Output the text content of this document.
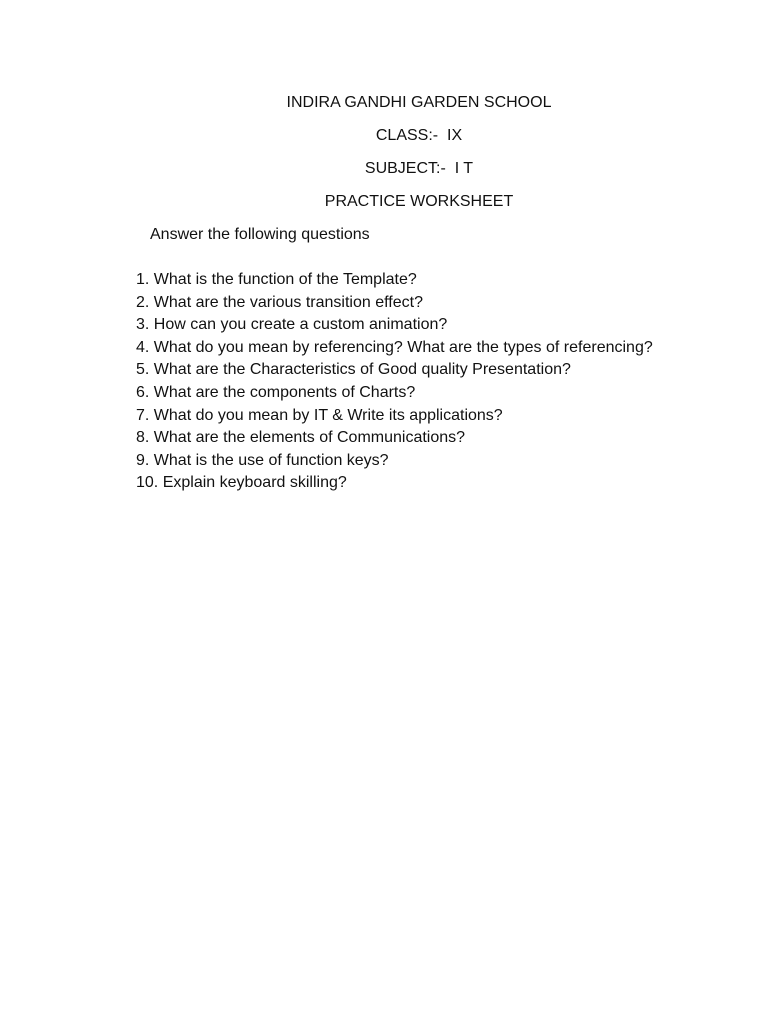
INDIRA GANDHI GARDEN SCHOOL
CLASS:-  IX
SUBJECT:-  I T
PRACTICE WORKSHEET
Answer the following questions
1. What is the function of the Template?
2. What are the various transition effect?
3. How can you create a custom animation?
4. What do you mean by referencing? What are the types of referencing?
5. What are the Characteristics of Good quality Presentation?
6. What are the components of Charts?
7. What do you mean by IT & Write its applications?
8. What are the elements of Communications?
9. What is the use of function keys?
10. Explain keyboard skilling?
